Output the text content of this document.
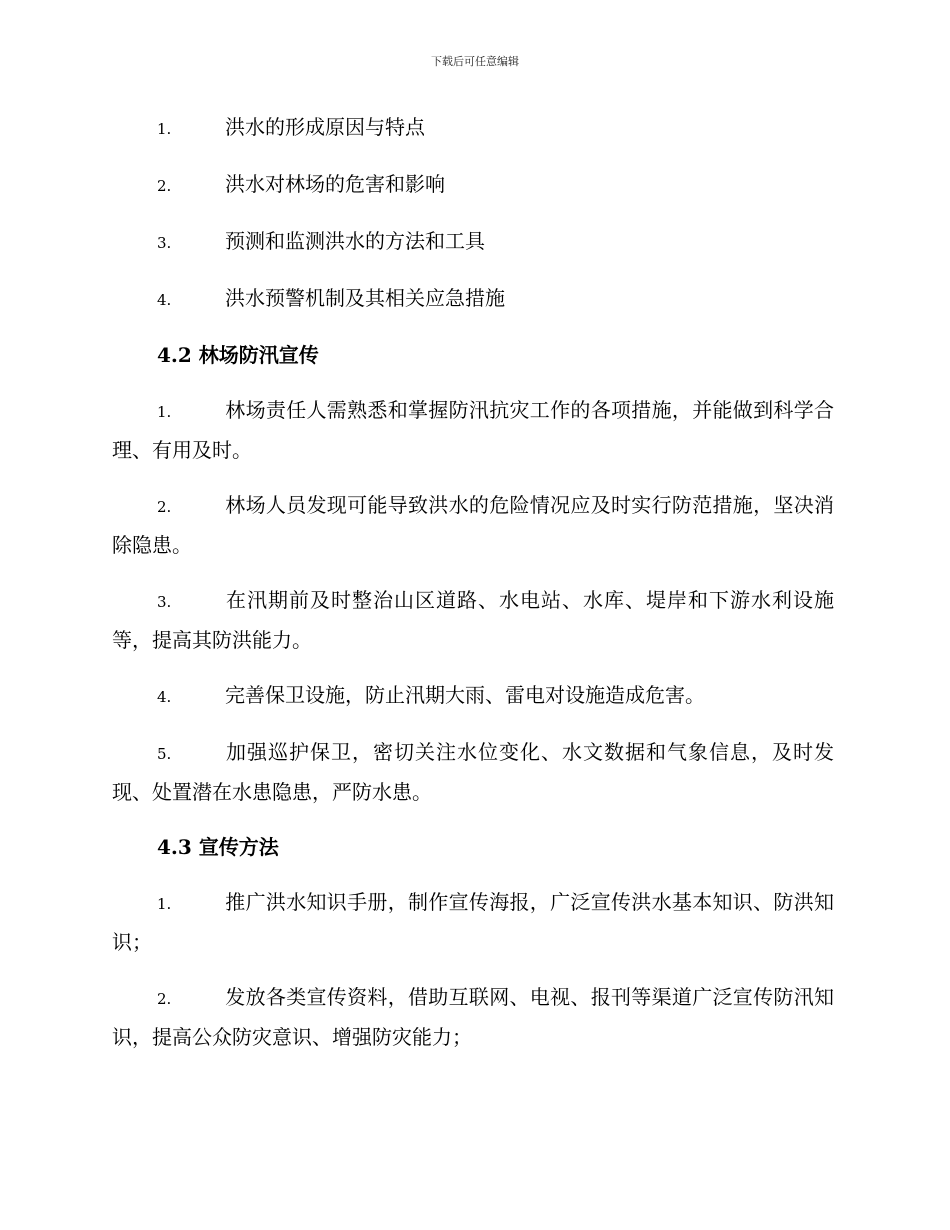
下载后可任意编辑
1.	洪水的形成原因与特点
2.	洪水对林场的危害和影响
3.	预测和监测洪水的方法和工具
4.	洪水预警机制及其相关应急措施
4.2 林场防汛宣传
1.	林场责任人需熟悉和掌握防汛抗灾工作的各项措施，并能做到科学合理、有用及时。
2.	林场人员发现可能导致洪水的危险情况应及时实行防范措施，坚决消除隐患。
3.	在汛期前及时整治山区道路、水电站、水库、堤岸和下游水利设施等，提高其防洪能力。
4.	完善保卫设施，防止汛期大雨、雷电对设施造成危害。
5.	加强巡护保卫，密切关注水位变化、水文数据和气象信息，及时发现、处置潜在水患隐患，严防水患。
4.3 宣传方法
1.	推广洪水知识手册，制作宣传海报，广泛宣传洪水基本知识、防洪知识；
2.	发放各类宣传资料，借助互联网、电视、报刊等渠道广泛宣传防汛知识，提高公众防灾意识、增强防灾能力；
